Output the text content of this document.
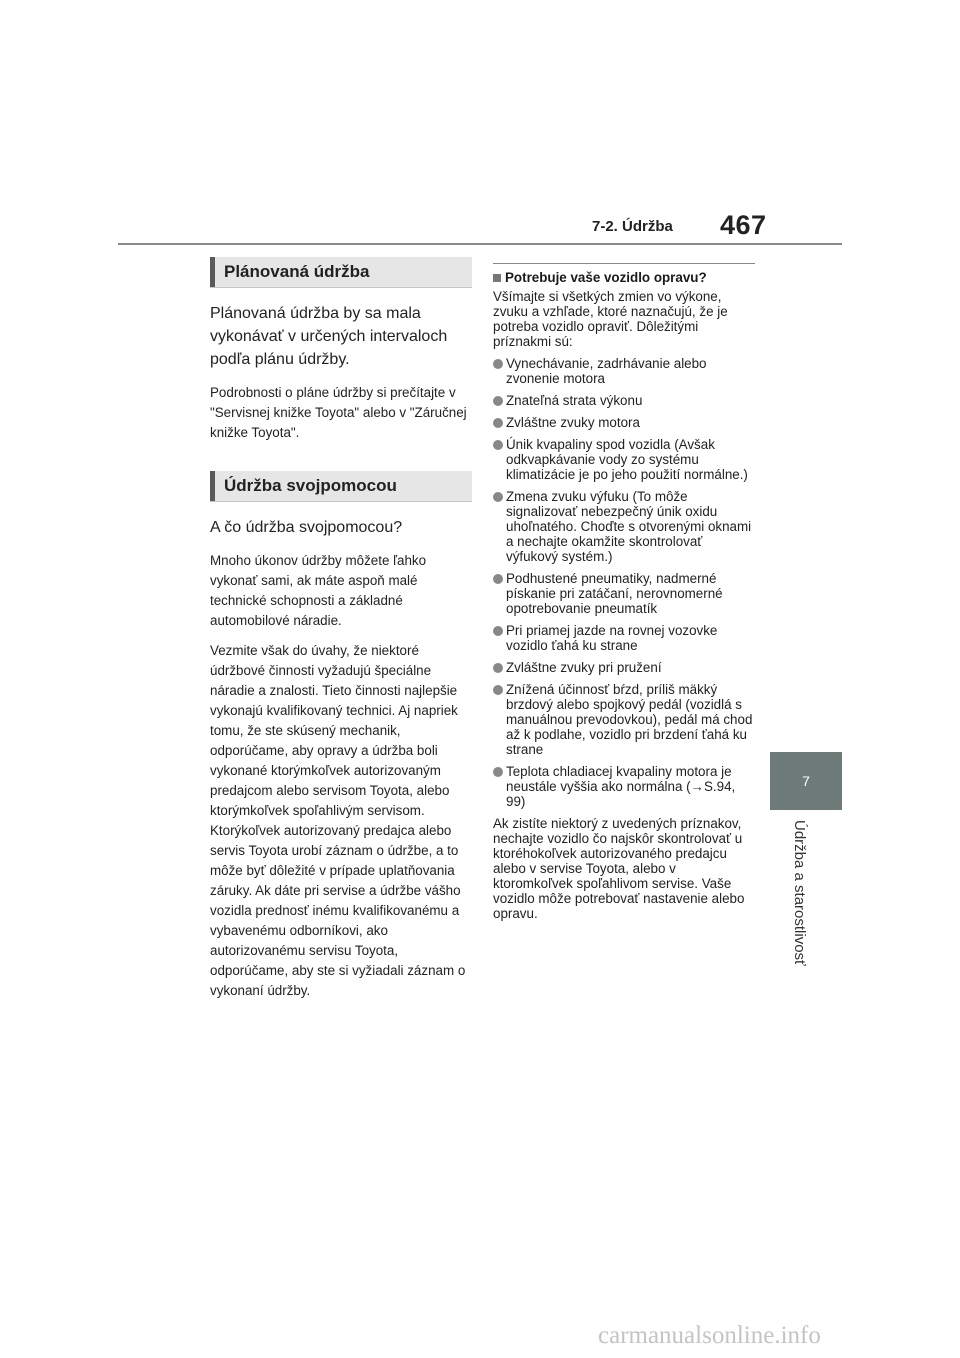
7-2. Údržba	467
7
Údržba a starostlivosť
Plánovaná údržba

Plánovaná údržba by sa mala vykonávať v určených intervaloch podľa plánu údržby.

Podrobnosti o pláne údržby si prečítajte v "Servisnej knižke Toyota" alebo v "Záručnej knižke Toyota".

Údržba svojpomocou

A čo údržba svojpomocou?

Mnoho úkonov údržby môžete ľahko vykonať sami, ak máte aspoň malé technické schopnosti a základné automobilové náradie.

Vezmite však do úvahy, že niektoré údržbové činnosti vyžadujú špeciálne náradie a znalosti. Tieto činnosti najlepšie vykonajú kvalifikovaný technici. Aj napriek tomu, že ste skúsený mechanik, odporúčame, aby opravy a údržba boli vykonané ktorýmkoľvek autorizovaným predajcom alebo servisom Toyota, alebo ktorýmkoľvek spoľahlivým servisom.

Ktorýkoľvek autorizovaný predajca alebo servis Toyota urobí záznam o údržbe, a to môže byť dôležité v prípade uplatňovania záruky. Ak dáte pri servise a údržbe vášho vozidla prednosť inému kvalifikovanému a vybavenému odborníkovi, ako autorizovanému servisu Toyota, odporúčame, aby ste si vyžiadali záznam o vykonaní údržby.

Potrebuje vaše vozidlo opravu?

Všímajte si všetkých zmien vo výkone, zvuku a vzhľade, ktoré naznačujú, že je potreba vozidlo opraviť. Dôležitými príznakmi sú:

Vynechávanie, zadrhávanie alebo zvonenie motora
Znateľná strata výkonu
Zvláštne zvuky motora
Únik kvapaliny spod vozidla (Avšak odkvapkávanie vody zo systému klimatizácie je po jeho použití normálne.)
Zmena zvuku výfuku (To môže signalizovať nebezpečný únik oxidu uhoľnatého. Choďte s otvorenými oknami a nechajte okamžite skontrolovať výfukový systém.)
Podhustené pneumatiky, nadmerné pískanie pri zatáčaní, nerovnomerné opotrebovanie pneumatík
Pri priamej jazde na rovnej vozovke vozidlo ťahá ku strane
Zvláštne zvuky pri pružení
Znížená účinnosť bŕzd, príliš mäkký brzdový alebo spojkový pedál (vozidlá s manuálnou prevodovkou), pedál má chod až k podlahe, vozidlo pri brzdení ťahá ku strane
Teplota chladiacej kvapaliny motora je neustále vyššia ako normálna (→S.94, 99)

Ak zistíte niektorý z uvedených príznakov, nechajte vozidlo čo najskôr skontrolovať u ktoréhokoľvek autorizovaného predajcu alebo v servise Toyota, alebo v ktoromkoľvek spoľahlivom servise. Vaše vozidlo môže potrebovať nastavenie alebo opravu.

carmanualsonline.info
